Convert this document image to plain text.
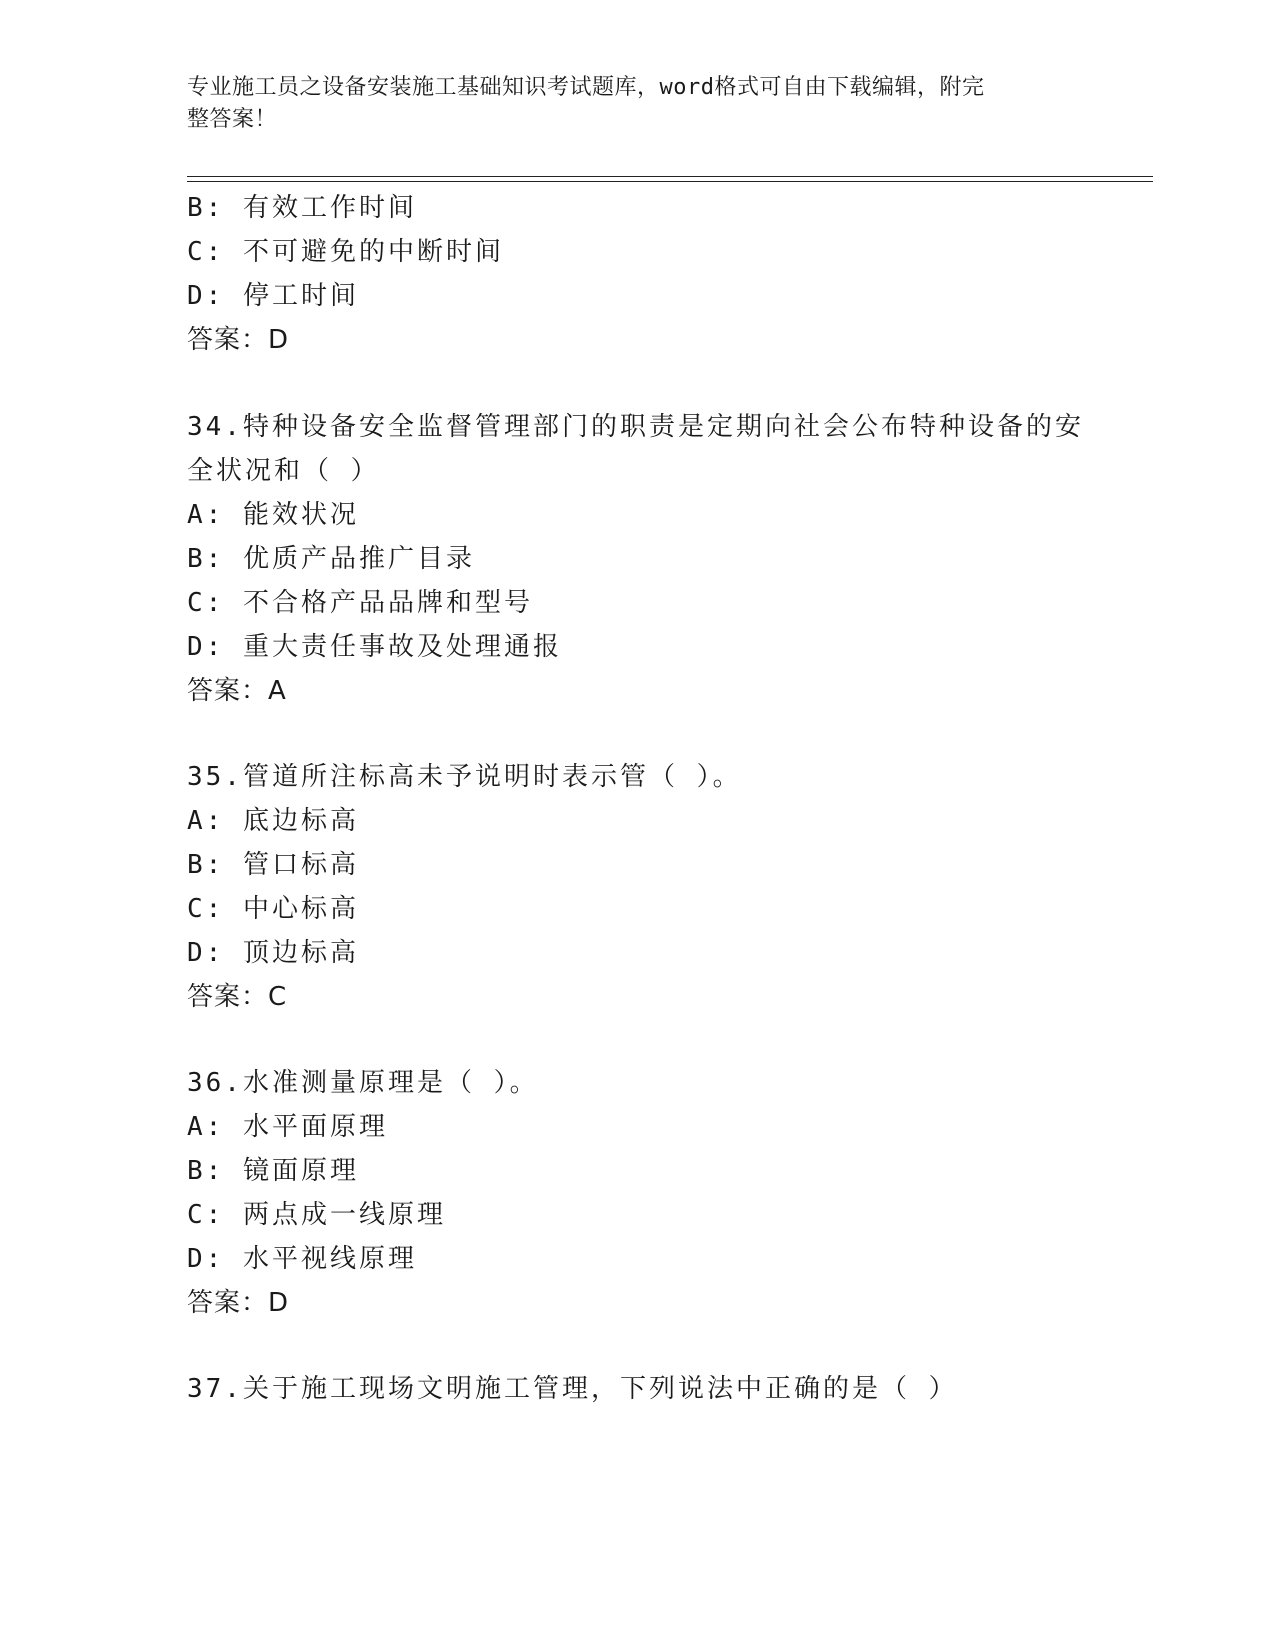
专业施工员之设备安装施工基础知识考试题库，word格式可自由下载编辑，附完
整答案！
B: 有效工作时间
C: 不可避免的中断时间
D: 停工时间
答案：D
34.特种设备安全监督管理部门的职责是定期向社会公布特种设备的安
全状况和（ ）
A: 能效状况
B: 优质产品推广目录
C: 不合格产品品牌和型号
D: 重大责任事故及处理通报
答案：A
35.管道所注标高未予说明时表示管（ ）。
A: 底边标高
B: 管口标高
C: 中心标高
D: 顶边标高
答案：C
36.水准测量原理是（ ）。
A: 水平面原理
B: 镜面原理
C: 两点成一线原理
D: 水平视线原理
答案：D
37.关于施工现场文明施工管理，下列说法中正确的是（ ）
